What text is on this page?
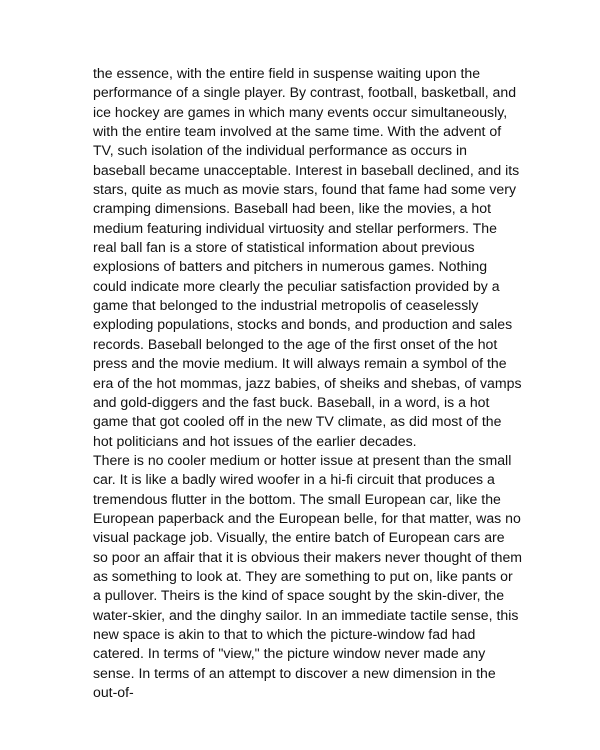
the essence, with the entire field in suspense waiting upon the
performance of a single player. By contrast, football, basketball, and
ice hockey are games in which many events occur simultaneously,
with the entire team involved at the same time. With the advent of
TV, such isolation of the individual performance as occurs in
baseball became unacceptable. Interest in baseball declined, and its
stars, quite as much as movie stars, found that fame had some very
cramping dimensions. Baseball had been, like the movies, a hot
medium featuring individual virtuosity and stellar performers. The
real ball fan is a store of statistical information about previous
explosions of batters and pitchers in numerous games. Nothing
could indicate more clearly the peculiar satisfaction provided by a
game that belonged to the industrial metropolis of ceaselessly
exploding populations, stocks and bonds, and production and sales
records. Baseball belonged to the age of the first onset of the hot
press and the movie medium. It will always remain a symbol of the
era of the hot mommas, jazz babies, of sheiks and shebas, of vamps
and gold-diggers and the fast buck. Baseball, in a word, is a hot
game that got cooled off in the new TV climate, as did most of the
hot politicians and hot issues of the earlier decades.
There is no cooler medium or hotter issue at present than the small
car. It is like a badly wired woofer in a hi-fi circuit that produces a
tremendous flutter in the bottom. The small European car, like the
European paperback and the European belle, for that matter, was no
visual package job. Visually, the entire batch of European cars are
so poor an affair that it is obvious their makers never thought of them
as something to look at. They are something to put on, like pants or
a pullover. Theirs is the kind of space sought by the skin-diver, the
water-skier, and the dinghy sailor. In an immediate tactile sense, this
new space is akin to that to which the picture-window fad had
catered. In terms of "view," the picture window never made any
sense. In terms of an attempt to discover a new dimension in the
out-of-
